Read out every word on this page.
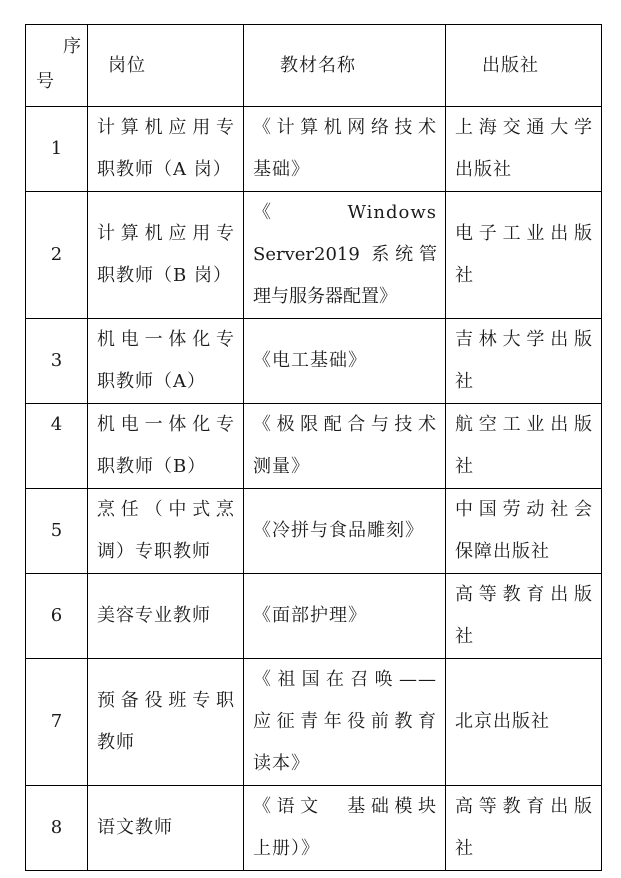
序
号	岗位	教材名称	出版社
1	计算机应用专
职教师（A 岗）	《计算机网络技术
基础》	上海交通大学
出版社

2	计算机应用专
职教师（B 岗）	《 Windows
Server2019 系统管
理与服务器配置》	电子工业出版
社

3	机电一体化专
职教师（A）	《电工基础》	吉林大学出版
社

4	机电一体化专
职教师（B）	《极限配合与技术
测量》	航空工业出版
社

5	烹任（中式烹
调）专职教师	《冷拼与食品雕刻》	中国劳动社会
保障出版社

6	美容专业教师	《面部护理》	高等教育出版
社

7	预备役班专职
教师	《祖国在召唤——
应征青年役前教育
读本》	北京出版社

8	语文教师	《语文　基础模块
上册）》	高等教育出版
社
